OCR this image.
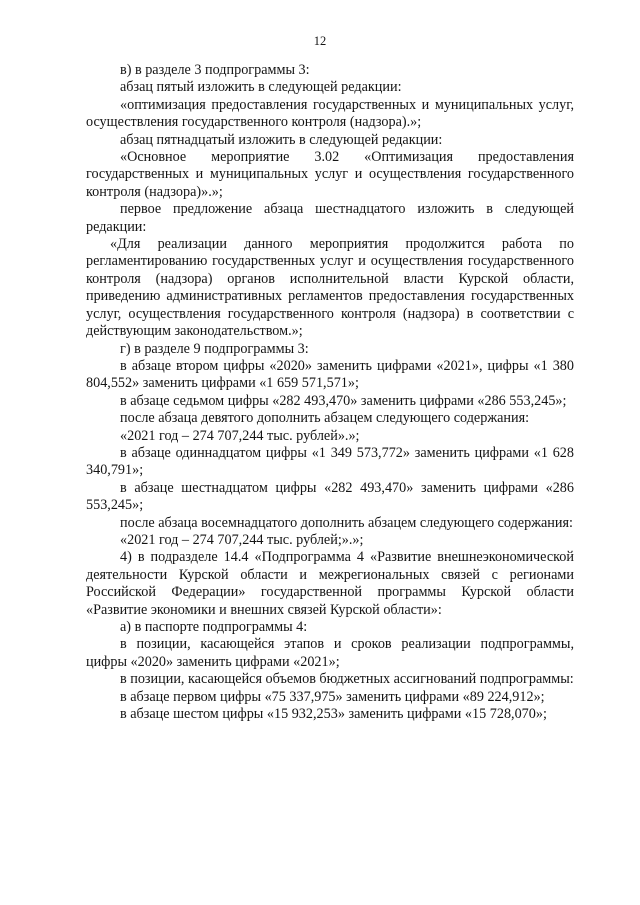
12

в) в разделе 3 подпрограммы 3:

абзац пятый изложить в следующей редакции:

«оптимизация предоставления государственных и муниципальных услуг, осуществления государственного контроля (надзора).»;

абзац пятнадцатый изложить в следующей редакции:

«Основное мероприятие 3.02 «Оптимизация предоставления государственных и муниципальных услуг и осуществления государственного контроля (надзора)».»;

первое предложение абзаца шестнадцатого изложить в следующей редакции:

«Для реализации данного мероприятия продолжится работа по регламентированию государственных услуг и осуществления государственного контроля (надзора) органов исполнительной власти Курской области, приведению административных регламентов предоставления государственных услуг, осуществления государственного контроля (надзора) в соответствии с действующим законодательством.»;

г) в разделе 9 подпрограммы 3:

в абзаце втором цифры «2020» заменить цифрами «2021», цифры «1 380 804,552» заменить цифрами «1 659 571,571»;

в абзаце седьмом цифры «282 493,470» заменить цифрами «286 553,245»;

после абзаца девятого дополнить абзацем следующего содержания:

«2021 год – 274 707,244 тыс. рублей».»;

в абзаце одиннадцатом цифры «1 349 573,772» заменить цифрами «1 628 340,791»;

в абзаце шестнадцатом цифры «282 493,470» заменить цифрами «286 553,245»;

после абзаца восемнадцатого дополнить абзацем следующего содержания:

«2021 год – 274 707,244 тыс. рублей;».»;

4) в подразделе 14.4 «Подпрограмма 4 «Развитие внешнеэкономической деятельности Курской области и межрегиональных связей с регионами Российской Федерации» государственной программы Курской области «Развитие экономики и внешних связей Курской области»:

а) в паспорте подпрограммы 4:

в позиции, касающейся этапов и сроков реализации подпрограммы, цифры «2020» заменить цифрами «2021»;

в позиции, касающейся объемов бюджетных ассигнований подпрограммы:

в абзаце первом цифры «75 337,975» заменить цифрами «89 224,912»;

в абзаце шестом цифры «15 932,253» заменить цифрами «15 728,070»;
